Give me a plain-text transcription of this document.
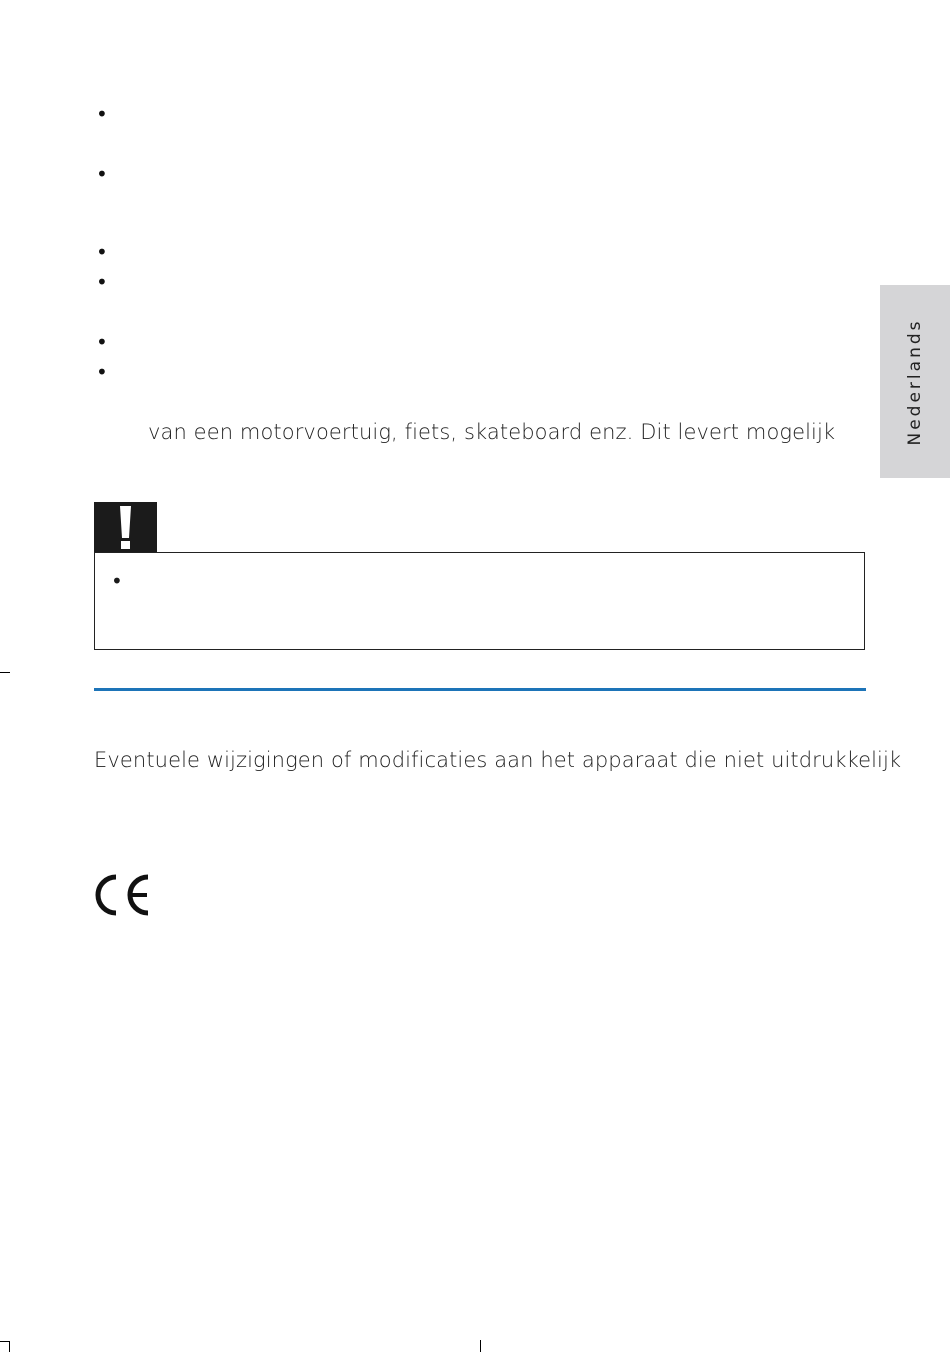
•
•
•
•
•
•
van een motorvoertuig, fiets, skateboard enz. Dit levert mogelijk	Nederlands
•
Eventuele wijzigingen of modificaties aan het apparaat die niet uitdrukkelijk
